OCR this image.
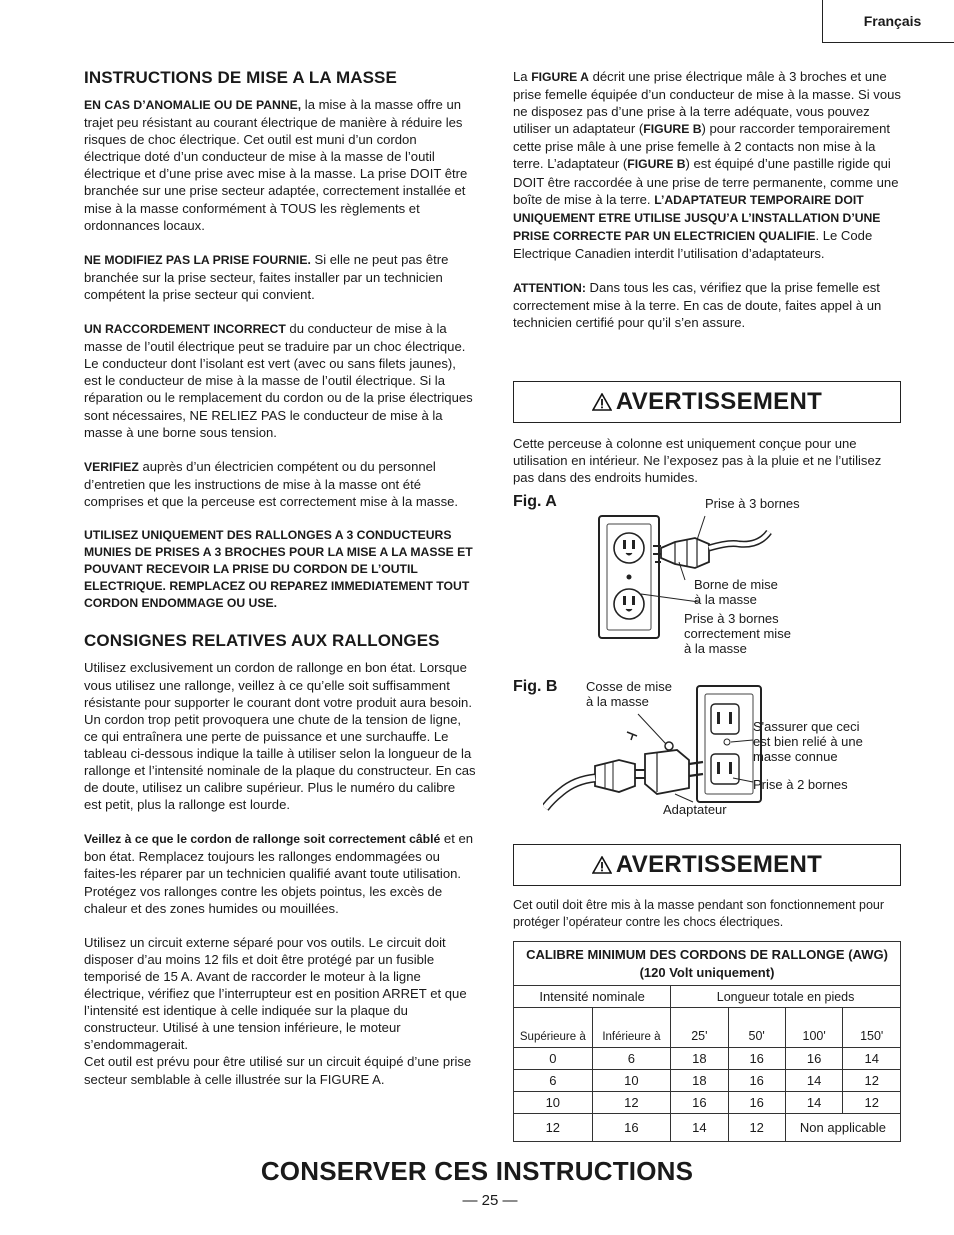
Français
INSTRUCTIONS DE MISE A LA MASSE

EN CAS D’ANOMALIE OU DE PANNE, la mise à la masse offre un trajet peu résistant au courant électrique de manière à réduire les risques de choc électrique. Cet outil est muni d’un cordon électrique doté d’un conducteur de mise à la masse de l’outil électrique et d’une prise avec mise à la masse. La prise DOIT être branchée sur une prise secteur adaptée, correctement installée et mise à la masse conformément à TOUS les règlements et ordonnances locaux.

NE MODIFIEZ PAS LA PRISE FOURNIE. Si elle ne peut pas être branchée sur la prise secteur, faites installer par un technicien compétent la prise secteur qui convient.

UN RACCORDEMENT INCORRECT du conducteur de mise à la masse de l’outil électrique peut se traduire par un choc électrique. Le conducteur dont l’isolant est vert (avec ou sans filets jaunes), est le conducteur de mise à la masse de l’outil électrique. Si la réparation ou le remplacement du cordon ou de la prise électriques sont nécessaires, NE RELIEZ PAS le conducteur de mise à la masse à une borne sous tension.

VERIFIEZ auprès d’un électricien compétent ou du personnel d’entretien que les instructions de mise à la masse ont été comprises et que la perceuse est correctement mise à la masse.

UTILISEZ UNIQUEMENT DES RALLONGES A 3 CONDUCTEURS MUNIES DE PRISES A 3 BROCHES POUR LA MISE A LA MASSE ET POUVANT RECEVOIR LA PRISE DU CORDON DE L’OUTIL ELECTRIQUE. REMPLACEZ OU REPAREZ IMMEDIATEMENT TOUT CORDON ENDOMMAGE OU USE.

CONSIGNES RELATIVES AUX RALLONGES

Utilisez exclusivement un cordon de rallonge en bon état. Lorsque vous utilisez une rallonge, veillez à ce qu’elle soit suffisamment résistante pour supporter le courant dont votre produit aura besoin. Un cordon trop petit provoquera une chute de la tension de ligne, ce qui entraînera une perte de puissance et une surchauffe. Le tableau ci-dessous indique la taille à utiliser selon la longueur de la rallonge et l’intensité nominale de la plaque du constructeur. En cas de doute, utilisez un calibre supérieur. Plus le numéro du calibre est petit, plus la rallonge est lourde.

Veillez à ce que le cordon de rallonge soit correctement câblé et en bon état. Remplacez toujours les rallonges endommagées ou faites-les réparer par un technicien qualifié avant toute utilisation. Protégez vos rallonges contre les objets pointus, les excès de chaleur et des zones humides ou mouillées.

Utilisez un circuit externe séparé pour vos outils. Le circuit doit disposer d’au moins 12 fils et doit être protégé par un fusible temporisé de 15 A. Avant de raccorder le moteur à la ligne électrique, vérifiez que l’interrupteur est en position ARRET et que l’intensité est identique à celle indiquée sur la plaque du constructeur. Utilisé à une tension inférieure, le moteur s’endommagerait.

Cet outil est prévu pour être utilisé sur un circuit équipé d’une prise secteur semblable à celle illustrée sur la FIGURE A.

La FIGURE A décrit une prise électrique mâle à 3 broches et une prise femelle équipée d’un conducteur de mise à la masse. Si vous ne disposez pas d’une prise à la terre adéquate, vous pouvez utiliser un adaptateur (FIGURE B) pour raccorder temporairement cette prise mâle à une prise femelle à 2 contacts non mise à la terre. L’adaptateur (FIGURE B) est équipé d’une pastille rigide qui DOIT être raccordée à une prise de terre permanente, comme une boîte de mise à la terre. L’ADAPTATEUR TEMPORAIRE DOIT UNIQUEMENT ETRE UTILISE JUSQU’A L’INSTALLATION D’UNE PRISE CORRECTE PAR UN ELECTRICIEN QUALIFIE. Le Code Electrique Canadien interdit l’utilisation d’adaptateurs.

ATTENTION: Dans tous les cas, vérifiez que la prise femelle est correctement mise à la terre. En cas de doute, faites appel à un technicien certifié pour qu’il s’en assure.

AVERTISSEMENT

Cette perceuse à colonne est uniquement conçue pour une utilisation en intérieur. Ne l’exposez pas à la pluie et ne l’utilisez pas dans des endroits humides.

Fig. A	Prise à 3 bornes
Borne de mise
à la masse
Prise à 3 bornes
correctement mise
à la masse
Fig. B Cosse de mise
à la masse
S'assurer que ceci
est bien relié à une
masse connue
Prise à 2 bornes
Adaptateur
AVERTISSEMENT

Cet outil doit être mis à la masse pendant son fonctionnement pour protéger l’opérateur contre les chocs électriques.

CALIBRE MINIMUM DES CORDONS DE RALLONGE (AWG)
(120 Volt uniquement)					

Intensité nominale		Longueur totale en pieds			
Supérieure à	Inférieure à	25'	50'	100'	150'
0	6	18	16	16	14
6	10	18	16	14	12
10	12	16	16	14	12
12	16	14	12	Non applicable	
CONSERVER CES INSTRUCTIONS
— 25 —
